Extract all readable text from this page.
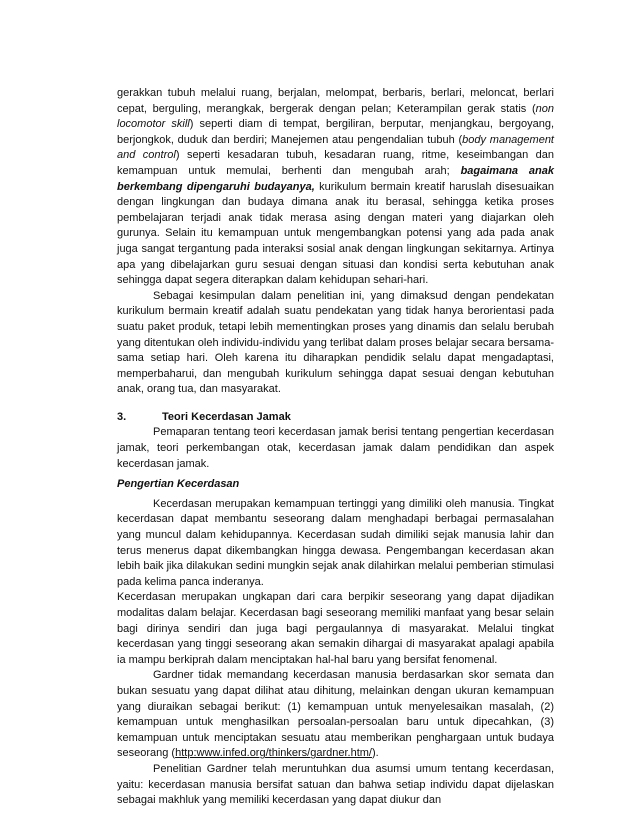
gerakkan tubuh melalui ruang, berjalan, melompat, berbaris, berlari, meloncat, berlari cepat, berguling, merangkak, bergerak dengan pelan; Keterampilan gerak statis (non locomotor skill) seperti diam di tempat, bergiliran, berputar, menjangkau, bergoyang, berjongkok, duduk dan berdiri; Manejemen atau pengendalian tubuh (body management and control) seperti kesadaran tubuh, kesadaran ruang, ritme, keseimbangan dan kemampuan untuk memulai, berhenti dan mengubah arah; bagaimana anak berkembang dipengaruhi budayanya, kurikulum bermain kreatif haruslah disesuaikan dengan lingkungan dan budaya dimana anak itu berasal, sehingga ketika proses pembelajaran terjadi anak tidak merasa asing dengan materi yang diajarkan oleh gurunya. Selain itu kemampuan untuk mengembangkan potensi yang ada pada anak juga sangat tergantung pada interaksi sosial anak dengan lingkungan sekitarnya. Artinya apa yang dibelajarkan guru sesuai dengan situasi dan kondisi serta kebutuhan anak sehingga dapat segera diterapkan dalam kehidupan sehari-hari.

Sebagai kesimpulan dalam penelitian ini, yang dimaksud dengan pendekatan kurikulum bermain kreatif adalah suatu pendekatan yang tidak hanya berorientasi pada suatu paket produk, tetapi lebih mementingkan proses yang dinamis dan selalu berubah yang ditentukan oleh individu-individu yang terlibat dalam proses belajar secara bersama-sama setiap hari. Oleh karena itu diharapkan pendidik selalu dapat mengadaptasi, memperbaharui, dan mengubah kurikulum sehingga dapat sesuai dengan kebutuhan anak, orang tua, dan masyarakat.

3.	Teori Kecerdasan Jamak

Pemaparan tentang teori kecerdasan jamak berisi tentang pengertian kecerdasan jamak, teori perkembangan otak, kecerdasan jamak dalam pendidikan dan aspek kecerdasan jamak.

Pengertian Kecerdasan

Kecerdasan merupakan kemampuan tertinggi yang dimiliki oleh manusia. Tingkat kecerdasan dapat membantu seseorang dalam menghadapi berbagai permasalahan yang muncul dalam kehidupannya. Kecerdasan sudah dimiliki sejak manusia lahir dan terus menerus dapat dikembangkan hingga dewasa. Pengembangan kecerdasan akan lebih baik jika dilakukan sedini mungkin sejak anak dilahirkan melalui pemberian stimulasi pada kelima panca inderanya.

Kecerdasan merupakan ungkapan dari cara berpikir seseorang yang dapat dijadikan modalitas dalam belajar. Kecerdasan bagi seseorang memiliki manfaat yang besar selain bagi dirinya sendiri dan juga bagi pergaulannya di masyarakat. Melalui tingkat kecerdasan yang tinggi seseorang akan semakin dihargai di masyarakat apalagi apabila ia mampu berkiprah dalam menciptakan hal-hal baru yang bersifat fenomenal.

Gardner tidak memandang kecerdasan manusia berdasarkan skor semata dan bukan sesuatu yang dapat dilihat atau dihitung, melainkan dengan ukuran kemampuan yang diuraikan sebagai berikut: (1) kemampuan untuk menyelesaikan masalah, (2) kemampuan untuk menghasilkan persoalan-persoalan baru untuk dipecahkan, (3) kemampuan untuk menciptakan sesuatu atau memberikan penghargaan untuk budaya seseorang (http:www.infed.org/thinkers/gardner.htm/).

Penelitian Gardner telah meruntuhkan dua asumsi umum tentang kecerdasan, yaitu: kecerdasan manusia bersifat satuan dan bahwa setiap individu dapat dijelaskan sebagai makhluk yang memiliki kecerdasan yang dapat diukur dan
